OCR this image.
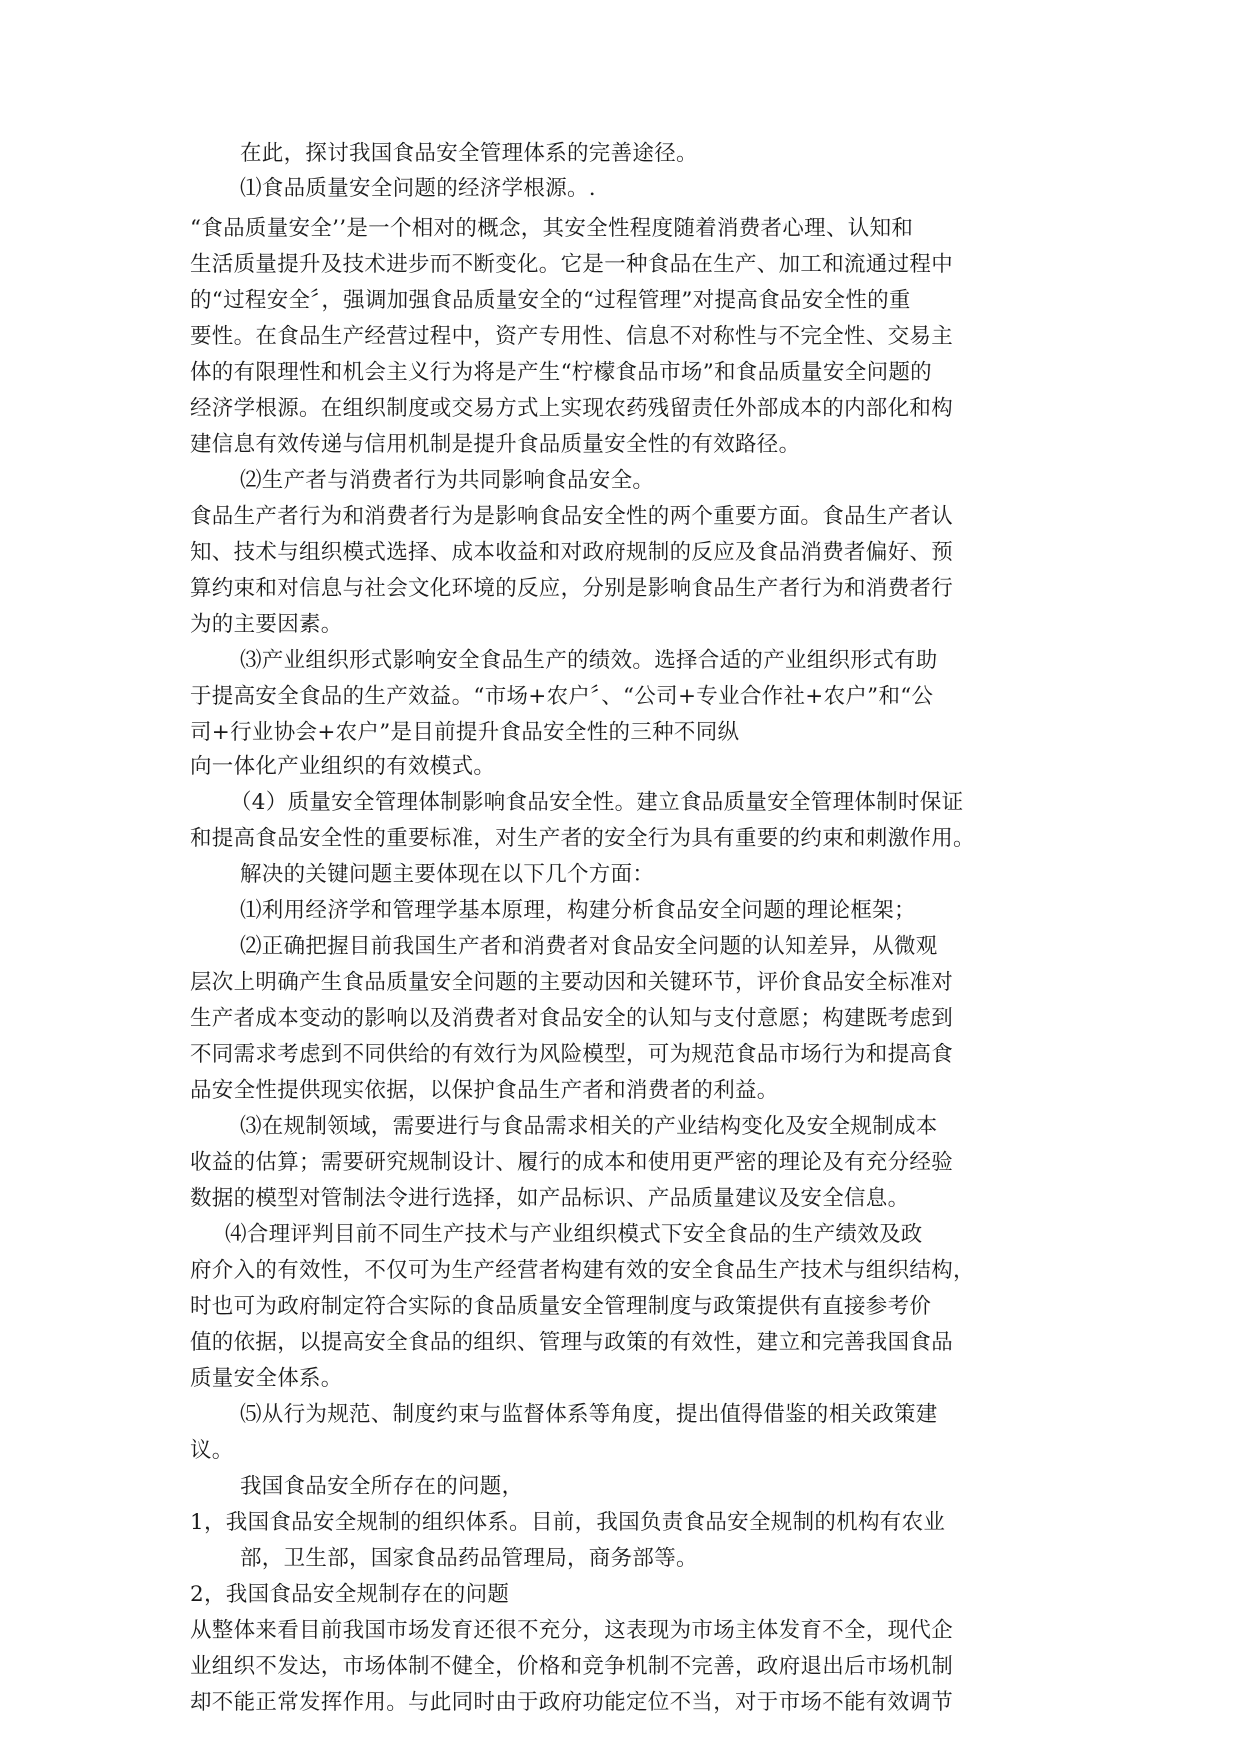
在此，探讨我国食品安全管理体系的完善途径。

⑴食品质量安全问题的经济学根源。.

“食品质量安全’’是一个相对的概念，其安全性程度随着消费者心理、认知和

生活质量提升及技术进步而不断变化。它是一种食品在生产、加工和流通过程中

的“过程安全〞，强调加强食品质量安全的“过程管理”对提高食品安全性的重

要性。在食品生产经营过程中，资产专用性、信息不对称性与不完全性、交易主

体的有限理性和机会主义行为将是产生“柠檬食品市场”和食品质量安全问题的

经济学根源。在组织制度或交易方式上实现农药残留责任外部成本的内部化和构

建信息有效传递与信用机制是提升食品质量安全性的有效路径。

⑵生产者与消费者行为共同影响食品安全。

食品生产者行为和消费者行为是影响食品安全性的两个重要方面。食品生产者认

知、技术与组织模式选择、成本收益和对政府规制的反应及食品消费者偏好、预

算约束和对信息与社会文化环境的反应，分别是影响食品生产者行为和消费者行

为的主要因素。

⑶产业组织形式影响安全食品生产的绩效。选择合适的产业组织形式有助

于提高安全食品的生产效益。“市场+农户〞、“公司+专业合作社+农户”和“公

司+行业协会+农户”是目前提升食品安全性的三种不同纵

向一体化产业组织的有效模式。

（4）质量安全管理体制影响食品安全性。建立食品质量安全管理体制时保证

和提高食品安全性的重要标准，对生产者的安全行为具有重要的约束和刺激作用。

解决的关键问题主要体现在以下几个方面：

⑴利用经济学和管理学基本原理，构建分析食品安全问题的理论框架；

⑵正确把握目前我国生产者和消费者对食品安全问题的认知差异，从微观

层次上明确产生食品质量安全问题的主要动因和关键环节，评价食品安全标准对

生产者成本变动的影响以及消费者对食品安全的认知与支付意愿；构建既考虑到

不同需求考虑到不同供给的有效行为风险模型，可为规范食品市场行为和提高食

品安全性提供现实依据，以保护食品生产者和消费者的利益。

⑶在规制领域，需要进行与食品需求相关的产业结构变化及安全规制成本

收益的估算；需要研究规制设计、履行的成本和使用更严密的理论及有充分经验

数据的模型对管制法令进行选择，如产品标识、产品质量建议及安全信息。

⑷合理评判目前不同生产技术与产业组织模式下安全食品的生产绩效及政

府介入的有效性，不仅可为生产经营者构建有效的安全食品生产技术与组织结构，

时也可为政府制定符合实际的食品质量安全管理制度与政策提供有直接参考价

值的依据，以提高安全食品的组织、管理与政策的有效性，建立和完善我国食品

质量安全体系。

⑸从行为规范、制度约束与监督体系等角度，提出值得借鉴的相关政策建

议。

我国食品安全所存在的问题，

1，我国食品安全规制的组织体系。目前，我国负责食品安全规制的机构有农业

部，卫生部，国家食品药品管理局，商务部等。

2，我国食品安全规制存在的问题

从整体来看目前我国市场发育还很不充分，这表现为市场主体发育不全，现代企

业组织不发达，市场体制不健全，价格和竞争机制不完善，政府退出后市场机制

却不能正常发挥作用。与此同时由于政府功能定位不当，对于市场不能有效调节
